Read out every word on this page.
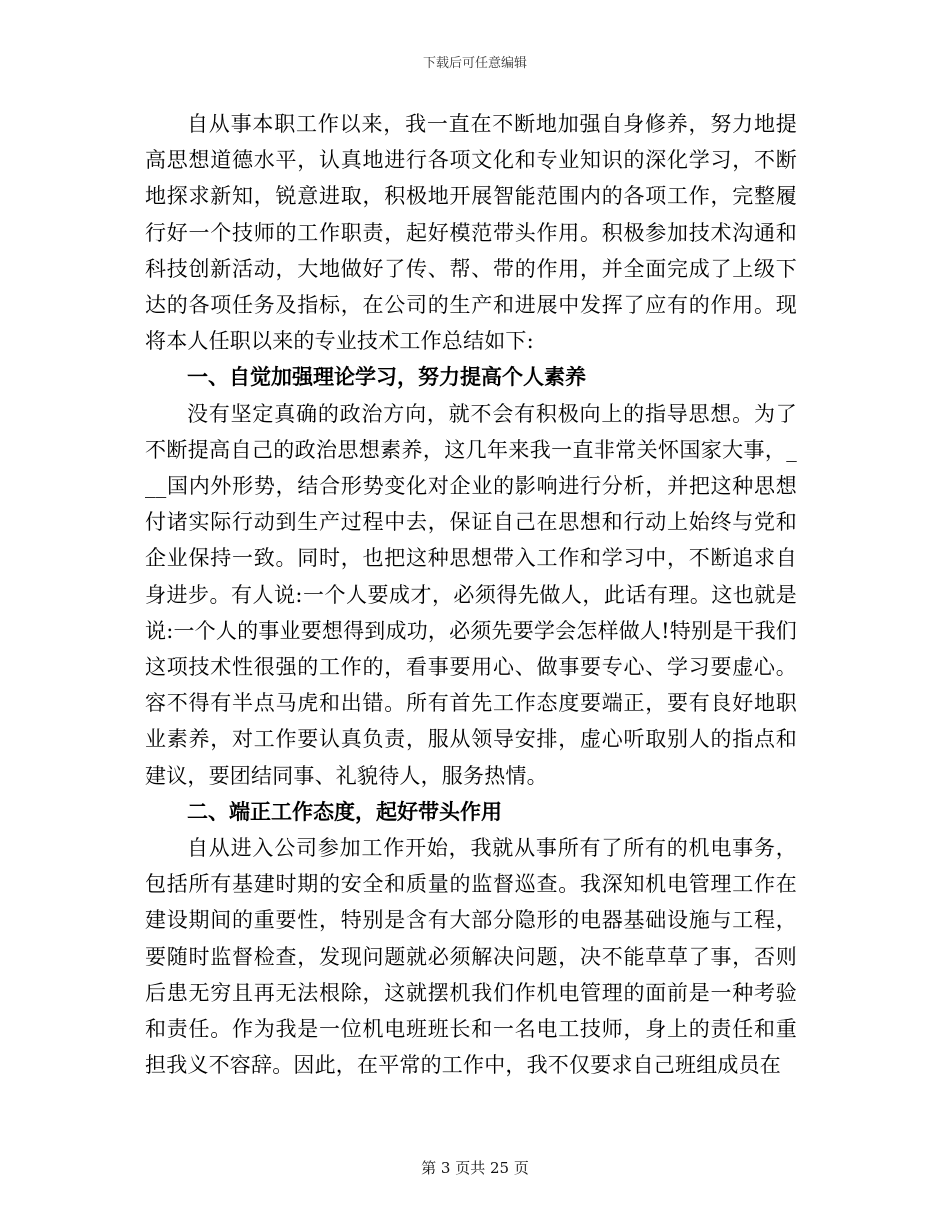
下载后可任意编辑

自从事本职工作以来，我一直在不断地加强自身修养，努力地提高思想道德水平，认真地进行各项文化和专业知识的深化学习，不断地探求新知，锐意进取，积极地开展智能范围内的各项工作，完整履行好一个技师的工作职责，起好模范带头作用。积极参加技术沟通和科技创新活动，大地做好了传、帮、带的作用，并全面完成了上级下达的各项任务及指标，在公司的生产和进展中发挥了应有的作用。现将本人任职以来的专业技术工作总结如下:

一、自觉加强理论学习，努力提高个人素养

没有坚定真确的政治方向，就不会有积极向上的指导思想。为了不断提高自己的政治思想素养，这几年来我一直非常关怀国家大事，___国内外形势，结合形势变化对企业的影响进行分析，并把这种思想付诸实际行动到生产过程中去，保证自己在思想和行动上始终与党和企业保持一致。同时，也把这种思想带入工作和学习中，不断追求自身进步。有人说:一个人要成才，必须得先做人，此话有理。这也就是说:一个人的事业要想得到成功，必须先要学会怎样做人!特别是干我们这项技术性很强的工作的，看事要用心、做事要专心、学习要虚心。容不得有半点马虎和出错。所有首先工作态度要端正，要有良好地职业素养，对工作要认真负责，服从领导安排，虚心听取别人的指点和建议，要团结同事、礼貌待人，服务热情。

二、端正工作态度，起好带头作用

自从进入公司参加工作开始，我就从事所有了所有的机电事务，包括所有基建时期的安全和质量的监督巡查。我深知机电管理工作在建设期间的重要性，特别是含有大部分隐形的电器基础设施与工程，要随时监督检查，发现问题就必须解决问题，决不能草草了事，否则后患无穷且再无法根除，这就摆机我们作机电管理的面前是一种考验和责任。作为我是一位机电班班长和一名电工技师，身上的责任和重担我义不容辞。因此，在平常的工作中，我不仅要求自己班组成员在

第 3 页共 25 页
